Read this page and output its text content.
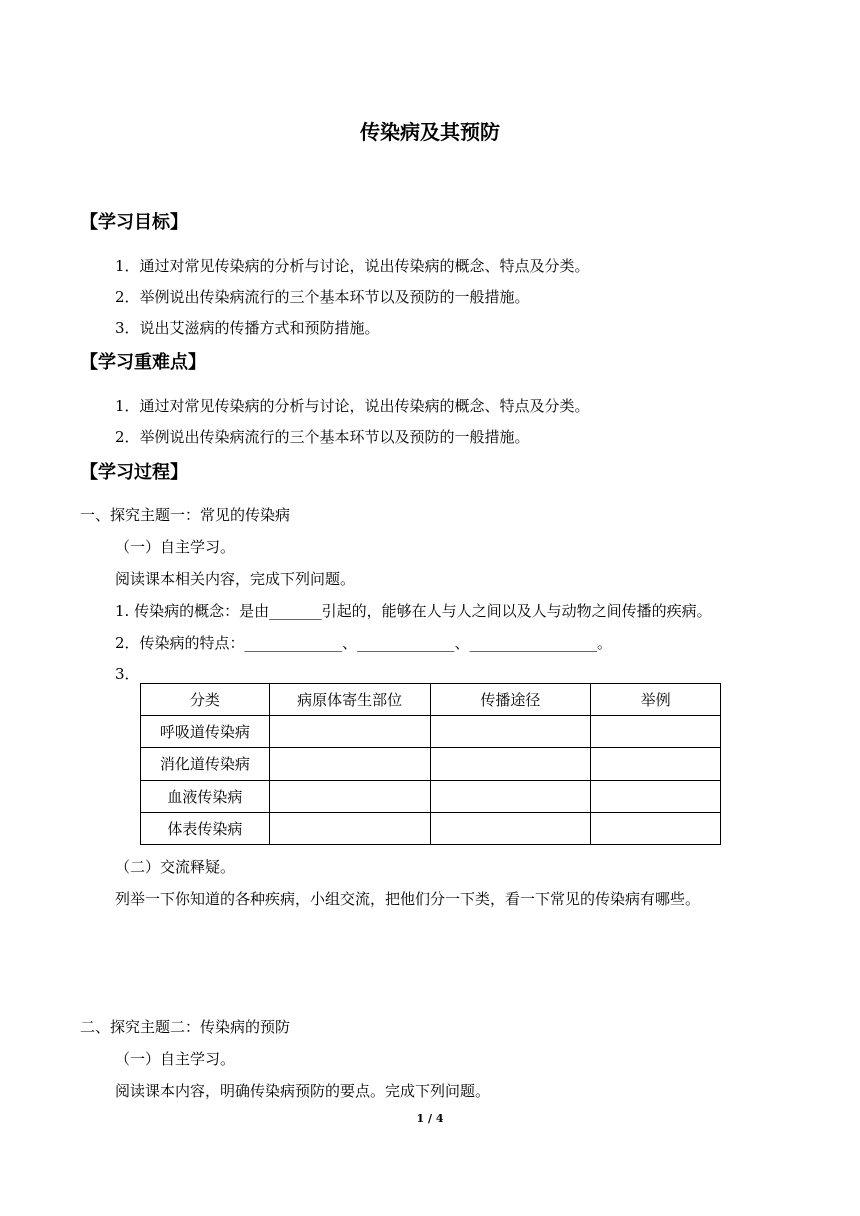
传染病及其预防
【学习目标】
1．通过对常见传染病的分析与讨论，说出传染病的概念、特点及分类。
2．举例说出传染病流行的三个基本环节以及预防的一般措施。
3．说出艾滋病的传播方式和预防措施。
【学习重难点】
1．通过对常见传染病的分析与讨论，说出传染病的概念、特点及分类。
2．举例说出传染病流行的三个基本环节以及预防的一般措施。
【学习过程】
一、探究主题一：常见的传染病
（一）自主学习。
阅读课本相关内容，完成下列问题。
1. 传染病的概念：是由_______引起的，能够在人与人之间以及人与动物之间传播的疾病。
2．传染病的特点：_____________、_____________、_________________。
3．
分类	病原体寄生部位	传播途径	举例
呼吸道传染病			
消化道传染病			
血液传染病			
体表传染病			
（二）交流释疑。
列举一下你知道的各种疾病，小组交流，把他们分一下类，看一下常见的传染病有哪些。
二、探究主题二：传染病的预防
（一）自主学习。
阅读课本内容，明确传染病预防的要点。完成下列问题。
1 / 4
